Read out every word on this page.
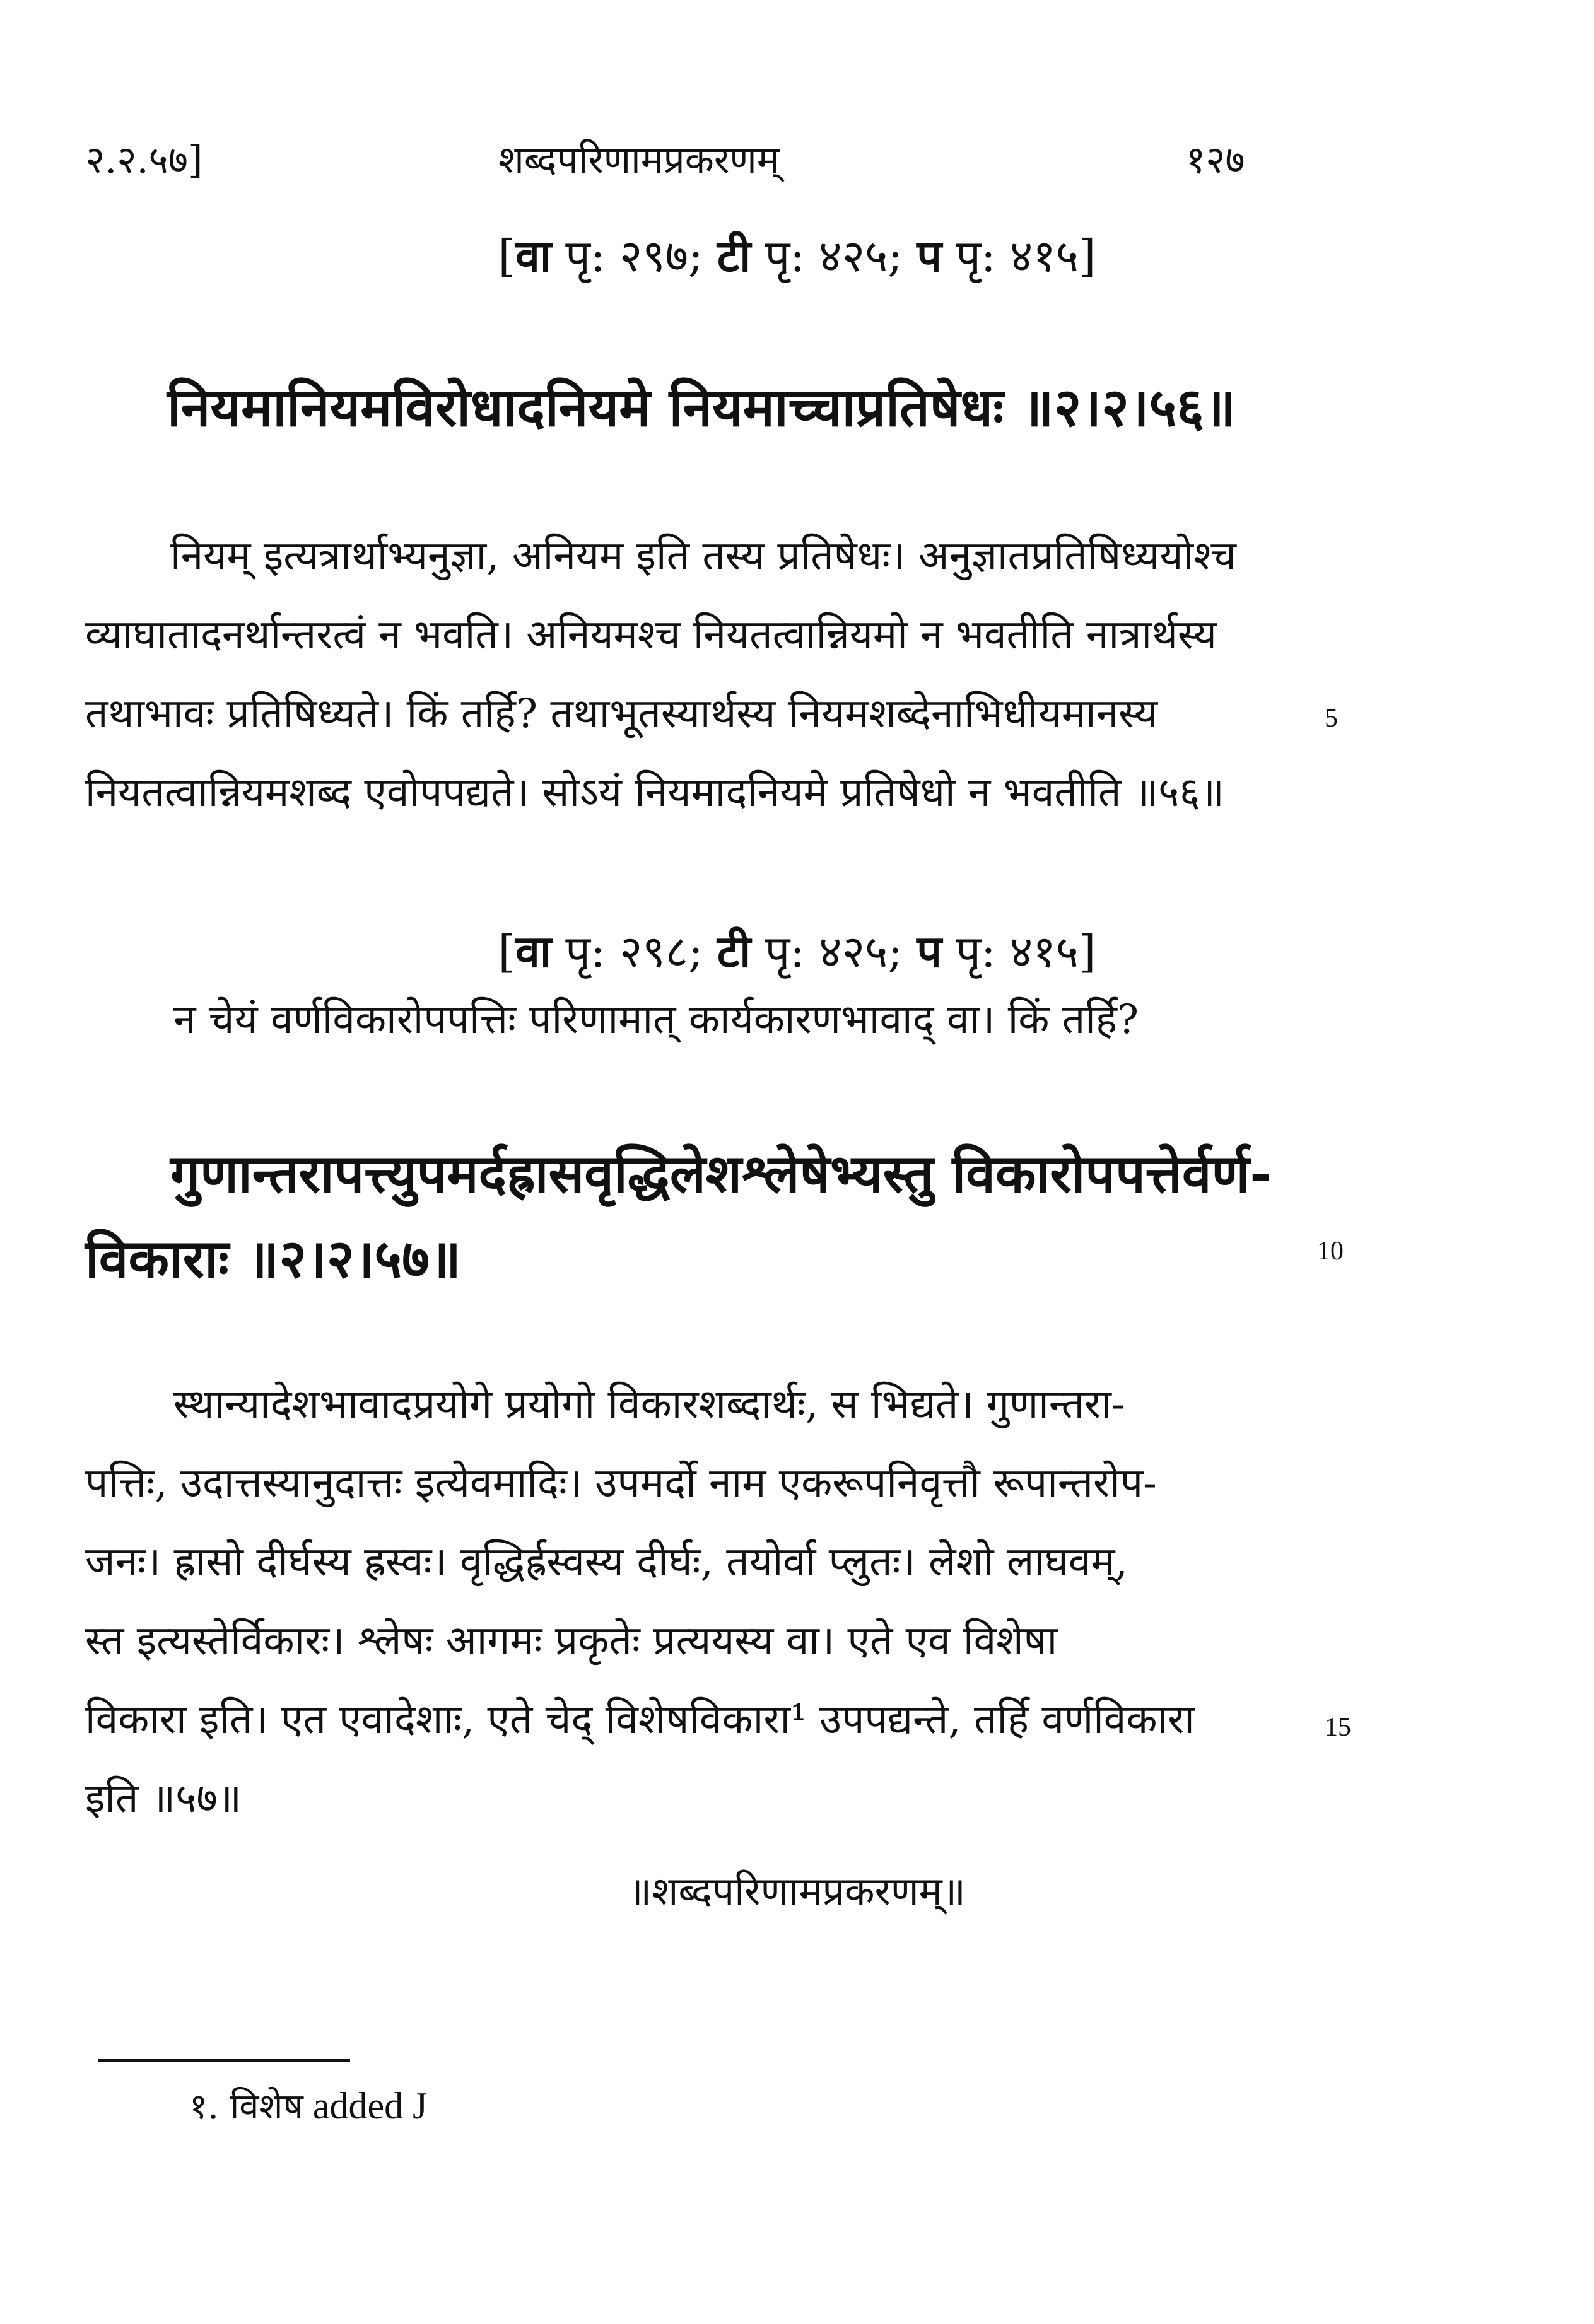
२.२.५७]	शब्दपरिणामप्रकरणम्	१२७
[वा पृ: २९७; टी पृ: ४२५; प पृ: ४१५]
नियमानियमविरोधादनियमे नियमाच्चाप्रतिषेधः ॥२।२।५६॥
नियम् इत्यत्रार्थाभ्यनुज्ञा, अनियम इति तस्य प्रतिषेधः। अनुज्ञातप्रतिषिध्ययोश्च
व्याघातादनर्थान्तरत्वं न भवति। अनियमश्च नियतत्वान्नियमो न भवतीति नात्रार्थस्य
तथाभावः प्रतिषिध्यते। किं तर्हि? तथाभूतस्यार्थस्य नियमशब्देनाभिधीयमानस्य
नियतत्वान्नियमशब्द एवोपपद्यते। सोऽयं नियमादनियमे प्रतिषेधो न भवतीति ॥५६॥
5
[वा पृ: २९८; टी पृ: ४२५; प पृ: ४१५]
न चेयं वर्णविकारोपपत्तिः परिणामात् कार्यकारणभावाद् वा। किं तर्हि?
गुणान्तरापत्त्युपमर्दह्रासवृद्धिलेशश्लेषेभ्यस्तु विकारोपपत्तेर्वर्ण-
विकाराः ॥२।२।५७॥	10
स्थान्यादेशभावादप्रयोगे प्रयोगो विकारशब्दार्थः, स भिद्यते। गुणान्तरा-
पत्तिः, उदात्तस्यानुदात्तः इत्येवमादिः। उपमर्दो नाम एकरूपनिवृत्तौ रूपान्तरोप-
जनः। ह्रासो दीर्घस्य ह्रस्वः। वृद्धिर्ह्रस्वस्य दीर्घः, तयोर्वा प्लुतः। लेशो लाघवम्,
स्त इत्यस्तेर्विकारः। श्लेषः आगमः प्रकृतेः प्रत्ययस्य वा। एते एव विशेषा
विकारा इति। एत एवादेशाः, एते चेद् विशेषविकारा¹ उपपद्यन्ते, तर्हि वर्णविकारा
इति ॥५७॥
15
॥शब्दपरिणामप्रकरणम्॥
१. विशेष added J
